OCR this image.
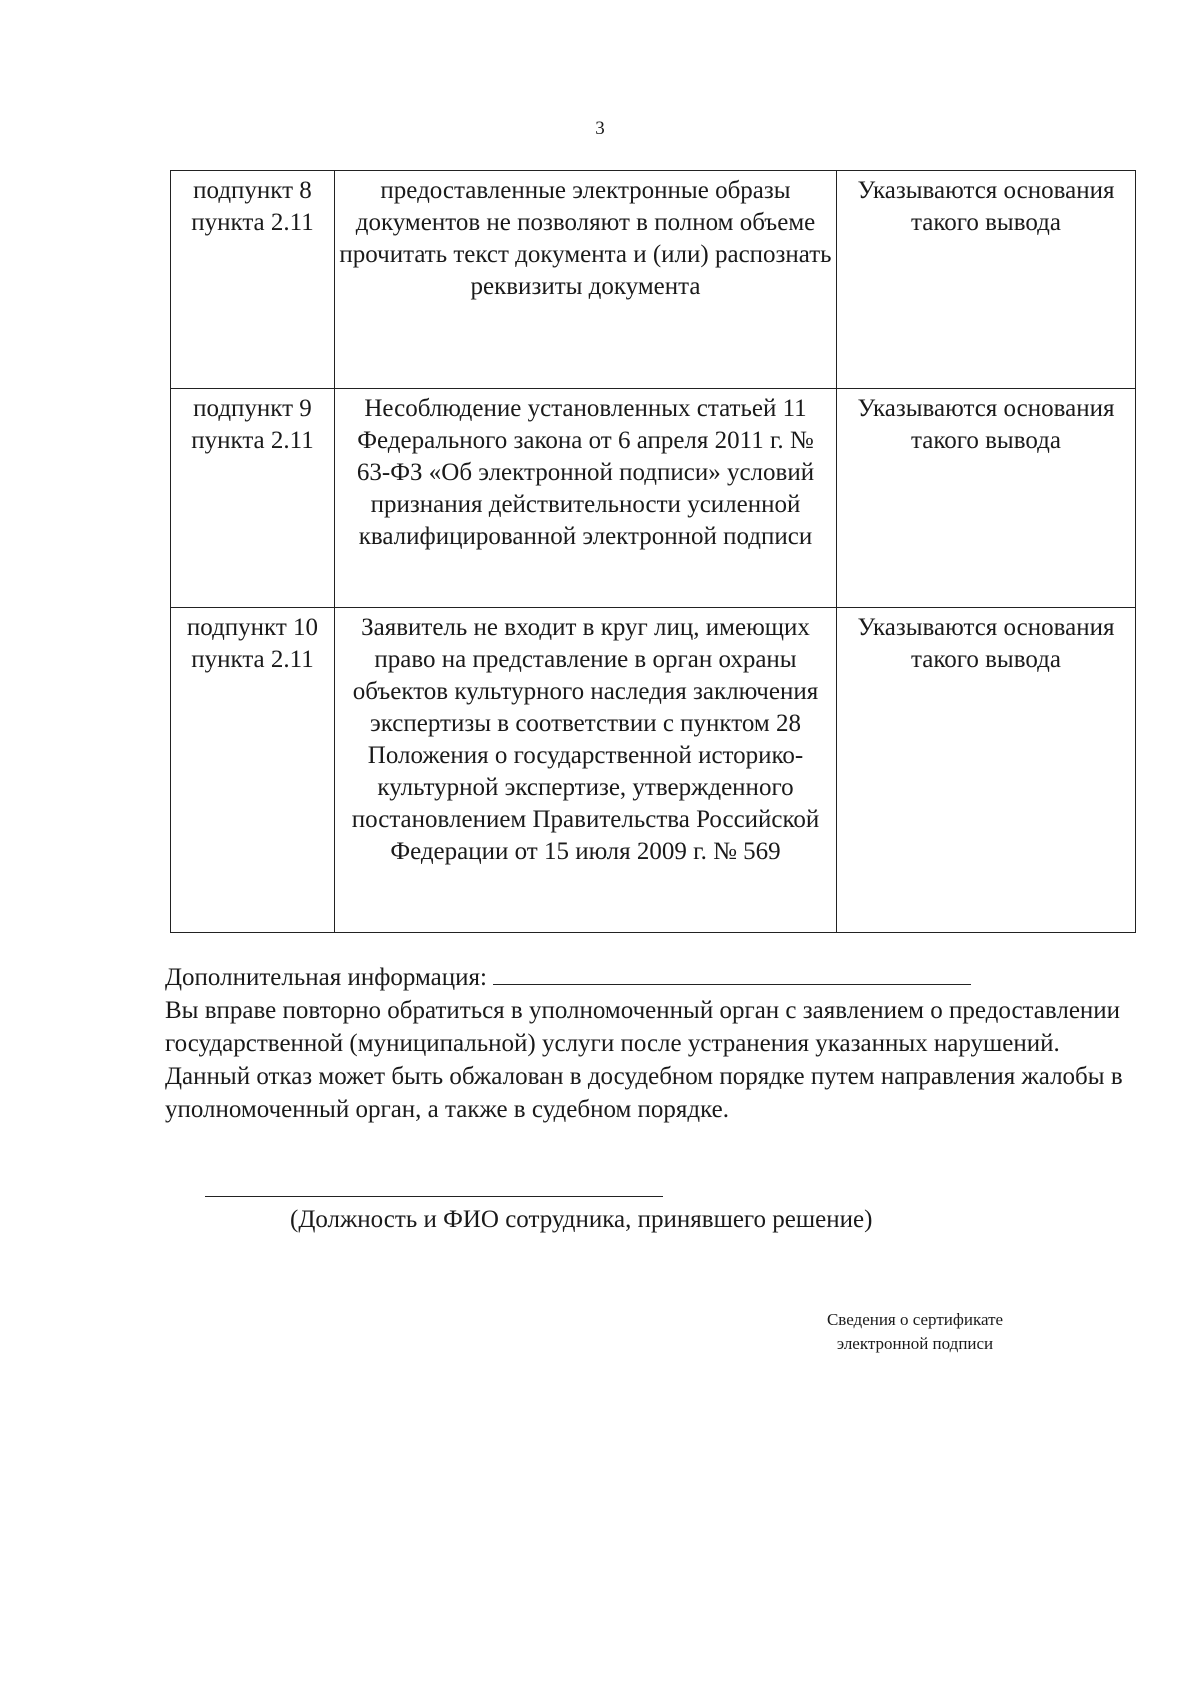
3
подпункт 8 пункта 2.11	предоставленные электронные образы документов не позволяют в полном объеме прочитать текст документа и (или) распознать реквизиты документа	Указываются основания такого вывода
подпункт 9 пункта 2.11	Несоблюдение установленных статьей 11 Федерального закона от 6 апреля 2011 г. № 63-ФЗ «Об электронной подписи» условий признания действительности усиленной квалифицированной электронной подписи	Указываются основания такого вывода
подпункт 10 пункта 2.11	Заявитель не входит в круг лиц, имеющих право на представление в орган охраны объектов культурного наследия заключения экспертизы в соответствии с пунктом 28 Положения о государственной историко-культурной экспертизе, утвержденного постановлением Правительства Российской Федерации от 15 июля 2009 г. № 569	Указываются основания такого вывода

Дополнительная информация:

Вы вправе повторно обратиться в уполномоченный орган с заявлением о предоставлении государственной (муниципальной) услуги после устранения указанных нарушений.

Данный отказ может быть обжалован в досудебном порядке путем направления жалобы в уполномоченный орган, а также в судебном порядке.

(Должность и ФИО сотрудника, принявшего решение)
Сведения о сертификате
электронной подписи
